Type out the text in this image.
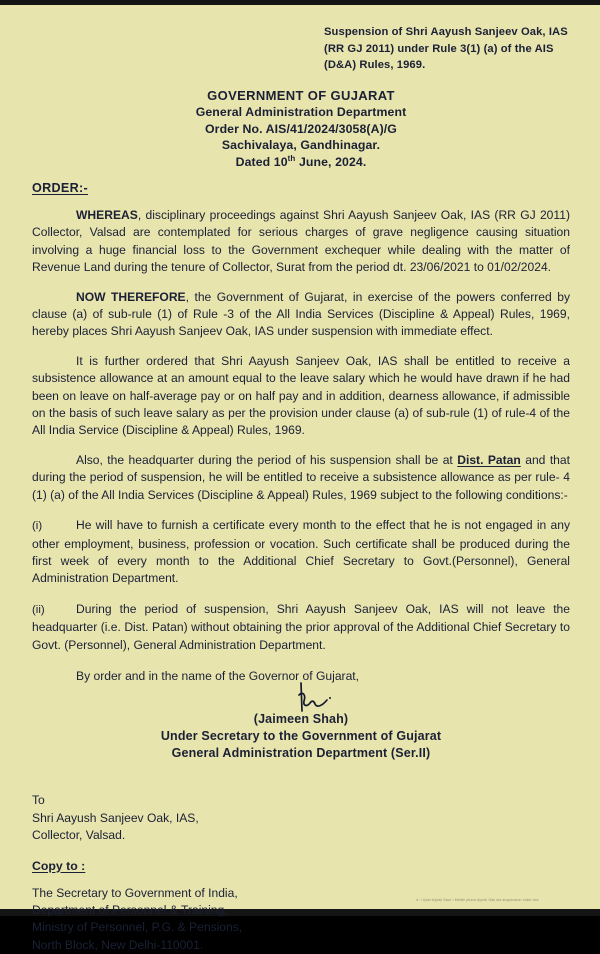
Suspension of Shri Aayush Sanjeev Oak, IAS
(RR GJ 2011) under Rule 3(1) (a) of the AIS
(D&A) Rules, 1969.
GOVERNMENT OF GUJARAT
General Administration Department
Order No. AIS/41/2024/3058(A)/G
Sachivalaya, Gandhinagar.
Dated 10th June, 2024.
ORDER:-

WHEREAS, disciplinary proceedings against Shri Aayush Sanjeev Oak, IAS (RR GJ 2011) Collector, Valsad are contemplated for serious charges of grave negligence causing situation involving a huge financial loss to the Government exchequer while dealing with the matter of Revenue Land during the tenure of Collector, Surat from the period dt. 23/06/2021 to 01/02/2024.

NOW THEREFORE, the Government of Gujarat, in exercise of the powers conferred by clause (a) of sub-rule (1) of Rule -3 of the All India Services (Discipline & Appeal) Rules, 1969, hereby places Shri Aayush Sanjeev Oak, IAS under suspension with immediate effect.

It is further ordered that Shri Aayush Sanjeev Oak, IAS shall be entitled to receive a subsistence allowance at an amount equal to the leave salary which he would have drawn if he had been on leave on half-average pay or on half pay and in addition, dearness allowance, if admissible on the basis of such leave salary as per the provision under clause (a) of sub-rule (1) of rule-4 of the All India Service (Discipline & Appeal) Rules, 1969.

Also, the headquarter during the period of his suspension shall be at Dist. Patan and that during the period of suspension, he will be entitled to receive a subsistence allowance as per rule- 4 (1) (a) of the All India Services (Discipline & Appeal) Rules, 1969 subject to the following conditions:-

(i)	He will have to furnish a certificate every month to the effect that he is not engaged in any other employment, business, profession or vocation. Such certificate shall be produced during the first week of every month to the Additional Chief Secretary to Govt.(Personnel), General Administration Department.
(ii)	During the period of suspension, Shri Aayush Sanjeev Oak, IAS will not leave the headquarter (i.e. Dist. Patan) without obtaining the prior approval of the Additional Chief Secretary to Govt. (Personnel), General Administration Department.
By order and in the name of the Governor of Gujarat,
(Jaimeen Shah)
Under Secretary to the Government of Gujarat
General Administration Department (Ser.II)
To
Shri Aayush Sanjeev Oak, IAS,
Collector, Valsad.
Copy to :
The Secretary to Government of India,
Department of Personnel & Training,
Ministry of Personnel, P.G. & Pensions,
North Block, New Delhi-110001.
d :\ Upar Aykak Saur \ Mettle phara Ayush Oak ais suspension order.doc
